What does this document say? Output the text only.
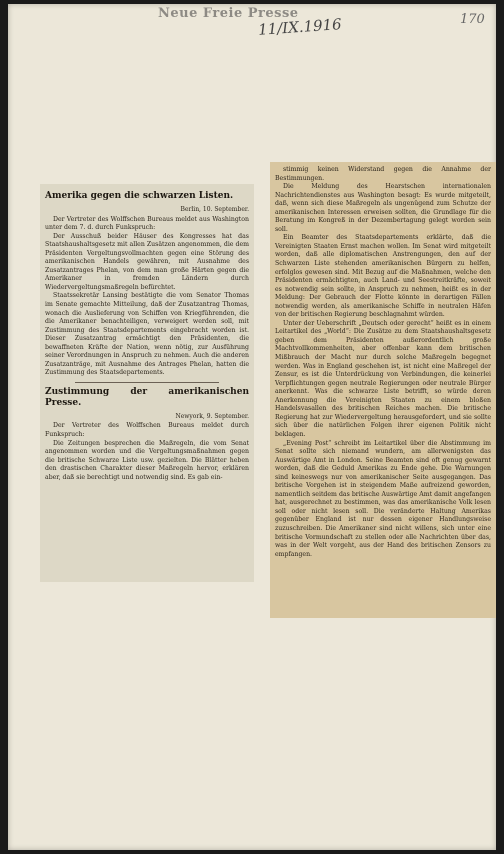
Neue Freie Presse
11/IX.1916	170
Amerika gegen die schwarzen Listen.
Berlin, 10. September.
Der Vertreter des Wolffschen Bureaus meldet aus Washington unter dem 7. d. durch Funkspruch:
Der Ausschuß beider Häuser des Kongresses hat das Staatshaushaltsgesetz mit allen Zusätzen angenommen, die dem Präsidenten Vergeltungsvollmachten gegen eine Störung des amerikanischen Handels gewähren, mit Ausnahme des Zusatzantrages Phelan, von dem man große Härten gegen die Amerikaner in fremden Ländern durch Wiedervergeltungsmaßregeln befürchtet.
Staatssekretär Lansing bestätigte die vom Senator Thomas im Senate gemachte Mitteilung, daß der Zusatzantrag Thomas, wonach die Auslieferung von Schiffen von Kriegführenden, die die Amerikaner benachteiligen, verweigert werden soll, mit Zustimmung des Staatsdepartements eingebracht worden ist. Dieser Zusatzantrag ermächtigt den Präsidenten, die bewaffneten Kräfte der Nation, wenn nötig, zur Ausführung seiner Verordnungen in Anspruch zu nehmen. Auch die anderen Zusatzanträge, mit Ausnahme des Antrages Phelan, hatten die Zustimmung des Staatsdepartements.
Zustimmung der amerikanischen Presse.
Newyork, 9. September.
Der Vertreter des Wolffschen Bureaus meldet durch Funkspruch:
Die Zeitungen besprechen die Maßregeln, die vom Senat angenommen worden und die Vergeltungsmaßnahmen gegen die britische Schwarze Liste usw. gezielten. Die Blätter heben den drastischen Charakter dieser Maßregeln hervor, erklären aber, daß sie berechtigt und notwendig sind. Es gab ein-
stimmig keinen Widerstand gegen die Annahme der Bestimmungen.
Die Meldung des Hearstschen internationalen Nachrichtendienstes aus Washington besagt: Es wurde mitgeteilt, daß, wenn sich diese Maßregeln als ungenügend zum Schutze der amerikanischen Interessen erweisen sollten, die Grundlage für die Beratung im Kongreß in der Dezembertagung gelegt worden sein soll.
Ein Beamter des Staatsdepartements erklärte, daß die Vereinigten Staaten Ernst machen wollen. Im Senat wird mitgeteilt worden, daß alle diplomatischen Anstrengungen, den auf der Schwarzen Liste stehenden amerikanischen Bürgern zu helfen, erfolglos gewesen sind. Mit Bezug auf die Maßnahmen, welche den Präsidenten ermächtigten, auch Land- und Seestreitkräfte, soweit es notwendig sein sollte, in Anspruch zu nehmen, heißt es in der Meldung: Der Gebrauch der Flotte könnte in derartigen Fällen notwendig werden, als amerikanische Schiffe in neutralen Häfen von der britischen Regierung beschlagnahmt würden.
Unter der Ueberschrift „Deutsch oder gerecht“ heißt es in einem Leitartikel des „World“: Die Zusätze zu dem Staatshaushaltsgesetz geben dem Präsidenten außerordentlich große Machtvollkommenheiten, aber offenbar kann dem britischen Mißbrauch der Macht nur durch solche Maßregeln begegnet werden. Was in England geschehen ist, ist nicht eine Maßregel der Zensur, es ist die Unterdrückung von Verbindungen, die keinerlei Verpflichtungen gegen neutrale Regierungen oder neutrale Bürger anerkennt. Was die schwarze Liste betrifft, so würde deren Anerkennung die Vereinigten Staaten zu einem bloßen Handelsvasallen des britischen Reiches machen. Die britische Regierung hat zur Wiedervergeltung herausgefordert, und sie sollte sich über die natürlichen Folgen ihrer eigenen Politik nicht beklagen.
„Evening Post“ schreibt im Leitartikel über die Abstimmung im Senat sollte sich niemand wundern, am allerwenigsten das Auswärtige Amt in London. Seine Beamten sind oft genug gewarnt worden, daß die Geduld Amerikas zu Ende gehe. Die Warnungen sind keineswegs nur von amerikanischer Seite ausgegangen. Das britische Vorgehen ist in steigendem Maße aufreizend geworden, namentlich seitdem das britische Auswärtige Amt damit angefangen hat, ausgerechnet zu bestimmen, was das amerikanische Volk lesen soll oder nicht lesen soll. Die veränderte Haltung Amerikas gegenüber England ist nur dessen eigener Handlungsweise zuzuschreiben. Die Amerikaner sind nicht willens, sich unter eine britische Vormundschaft zu stellen oder alle Nachrichten über das, was in der Welt vorgeht, aus der Hand des britischen Zensors zu empfangen.
